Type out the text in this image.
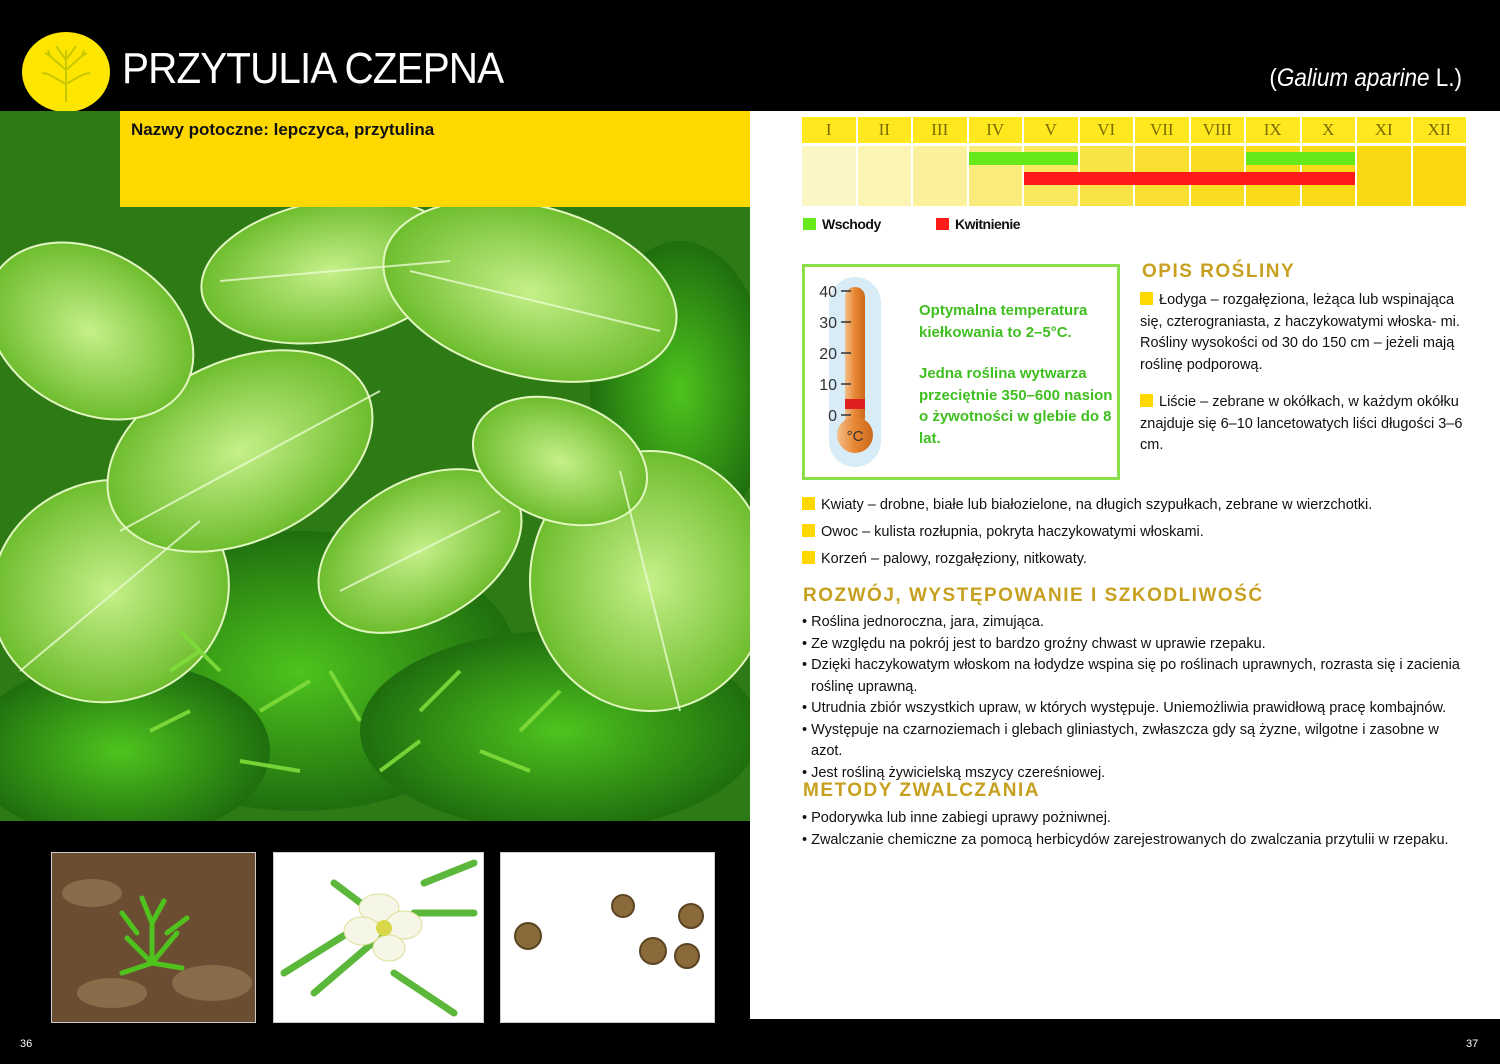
PRZYTULIA CZEPNA	(Galium aparine L.)
Nazwy potoczne: lepczyca, przytulina
36
I	II	III	IV	V	VI	VII	VIII	IX	X	XI	XII
Wschody	Kwitnienie
40
30
20
10
0
°C

Optymalna temperatura kiełkowania to 2–5°C.

Jedna roślina wytwarza przeciętnie 350–600 nasion o żywotności w glebie do 8 lat.

OPIS ROŚLINY
Łodyga – rozgałęziona, leżąca lub wspinająca się, czterograniasta, z haczykowatymi włoska- mi. Rośliny wysokości od 30 do 150 cm – jeżeli mają roślinę podporową.
Liście – zebrane w okółkach, w każdym okółku znajduje się 6–10 lancetowatych liści długości 3–6 cm.
Kwiaty – drobne, białe lub białozielone, na długich szypułkach, zebrane w wierzchotki.
Owoc – kulista rozłupnia, pokryta haczykowatymi włoskami.
Korzeń – palowy, rozgałęziony, nitkowaty.
ROZWÓJ, WYSTĘPOWANIE I SZKODLIWOŚĆ
• Roślina jednoroczna, jara, zimująca.
• Ze względu na pokrój jest to bardzo groźny chwast w uprawie rzepaku.
• Dzięki haczykowatym włoskom na łodydze wspina się po roślinach uprawnych, rozrasta się i zacienia roślinę uprawną.
• Utrudnia zbiór wszystkich upraw, w których występuje. Uniemożliwia prawidłową pracę kombajnów.
• Występuje na czarnoziemach i glebach gliniastych, zwłaszcza gdy są żyzne, wilgotne i zasobne w azot.
• Jest rośliną żywicielską mszycy czereśniowej.
METODY ZWALCZANIA
• Podorywka lub inne zabiegi uprawy pożniwnej.
• Zwalczanie chemiczne za pomocą herbicydów zarejestrowanych do zwalczania przytulii w rzepaku.
37
